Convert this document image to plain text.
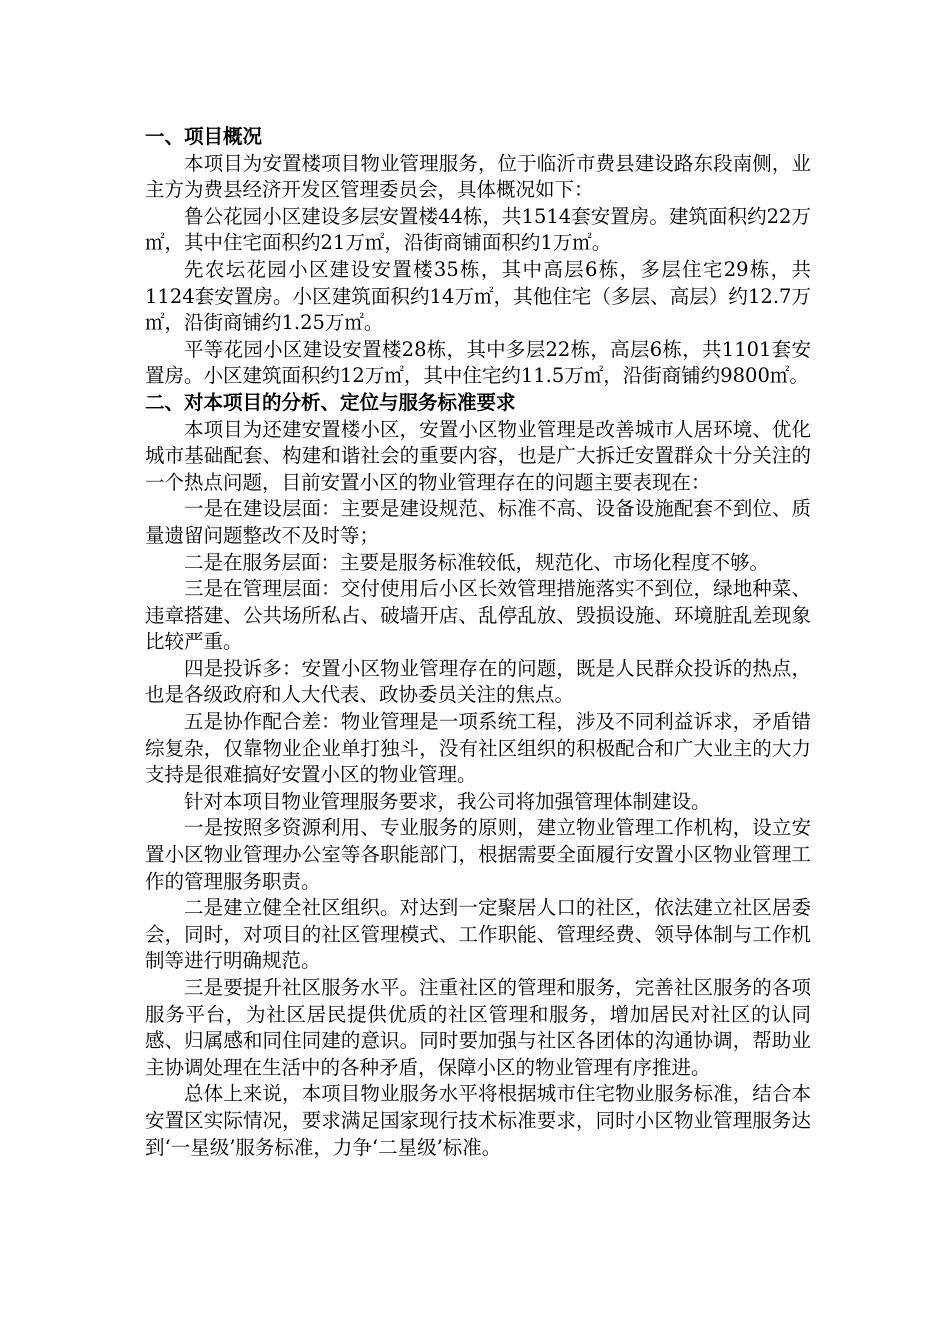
一、项目概况

本项目为安置楼项目物业管理服务，位于临沂市费县建设路东段南侧，业主方为费县经济开发区管理委员会，具体概况如下：

鲁公花园小区建设多层安置楼44栋，共1514套安置房。建筑面积约22万㎡，其中住宅面积约21万㎡，沿街商铺面积约1万㎡。

先农坛花园小区建设安置楼35栋，其中高层6栋，多层住宅29栋，共1124套安置房。小区建筑面积约14万㎡，其他住宅（多层、高层）约12.7万㎡，沿街商铺约1.25万㎡。

平等花园小区建设安置楼28栋，其中多层22栋，高层6栋，共1101套安置房。小区建筑面积约12万㎡，其中住宅约11.5万㎡，沿街商铺约9800㎡。

二、对本项目的分析、定位与服务标准要求

本项目为还建安置楼小区，安置小区物业管理是改善城市人居环境、优化城市基础配套、构建和谐社会的重要内容，也是广大拆迁安置群众十分关注的一个热点问题，目前安置小区的物业管理存在的问题主要表现在：

一是在建设层面：主要是建设规范、标准不高、设备设施配套不到位、质量遗留问题整改不及时等；

二是在服务层面：主要是服务标准较低，规范化、市场化程度不够。

三是在管理层面：交付使用后小区长效管理措施落实不到位，绿地种菜、违章搭建、公共场所私占、破墙开店、乱停乱放、毁损设施、环境脏乱差现象比较严重。

四是投诉多：安置小区物业管理存在的问题，既是人民群众投诉的热点，也是各级政府和人大代表、政协委员关注的焦点。

五是协作配合差：物业管理是一项系统工程，涉及不同利益诉求，矛盾错综复杂，仅靠物业企业单打独斗，没有社区组织的积极配合和广大业主的大力支持是很难搞好安置小区的物业管理。

针对本项目物业管理服务要求，我公司将加强管理体制建设。

一是按照多资源利用、专业服务的原则，建立物业管理工作机构，设立安置小区物业管理办公室等各职能部门，根据需要全面履行安置小区物业管理工作的管理服务职责。

二是建立健全社区组织。对达到一定聚居人口的社区，依法建立社区居委会，同时，对项目的社区管理模式、工作职能、管理经费、领导体制与工作机制等进行明确规范。

三是要提升社区服务水平。注重社区的管理和服务，完善社区服务的各项服务平台，为社区居民提供优质的社区管理和服务，增加居民对社区的认同感、归属感和同住同建的意识。同时要加强与社区各团体的沟通协调，帮助业主协调处理在生活中的各种矛盾，保障小区的物业管理有序推进。

总体上来说，本项目物业服务水平将根据城市住宅物业服务标准，结合本安置区实际情况，要求满足国家现行技术标准要求，同时小区物业管理服务达到‘一星级’服务标准，力争‘二星级’标准。
